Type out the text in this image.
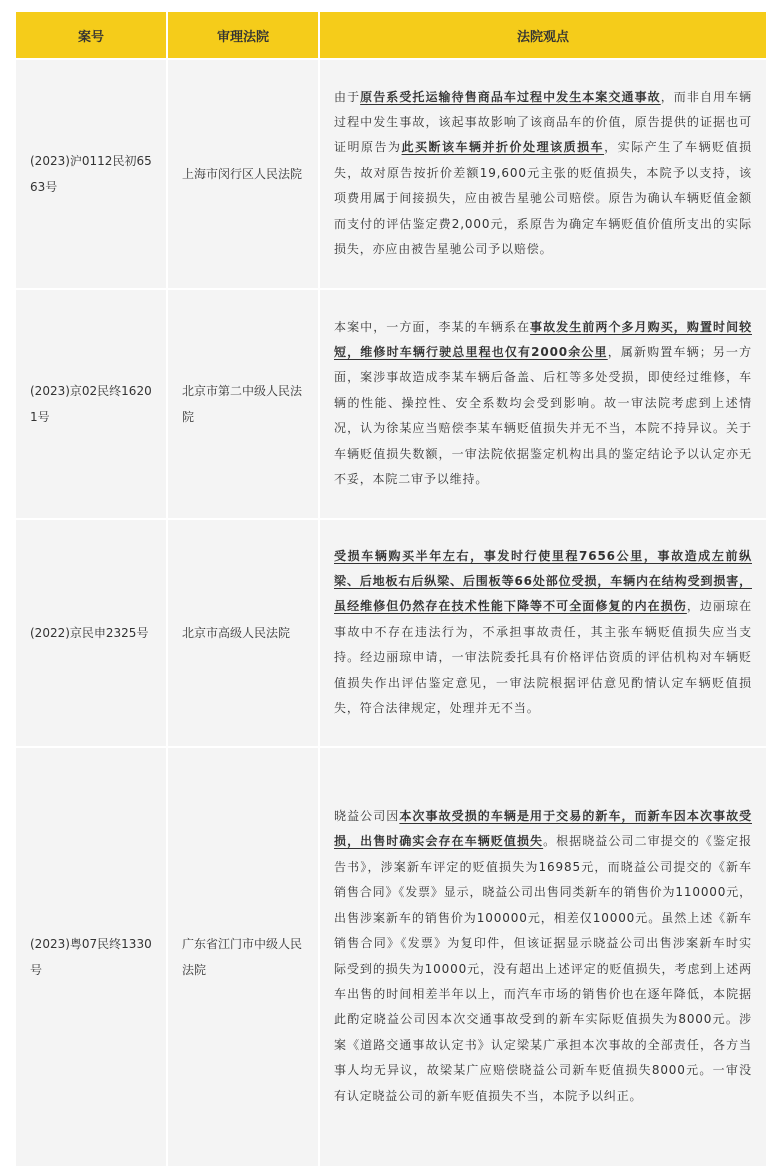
案号	审理法院	法院观点
(2023)沪0112民初6563号	上海市闵行区人民法院	由于原告系受托运输待售商品车过程中发生本案交通事故，而非自用车辆过程中发生事故，该起事故影响了该商品车的价值，原告提供的证据也可证明原告为此买断该车辆并折价处理该质损车，实际产生了车辆贬值损失，故对原告按折价差额19,600元主张的贬值损失，本院予以支持，该项费用属于间接损失，应由被告星驰公司赔偿。原告为确认车辆贬值金额而支付的评估鉴定费2,000元，系原告为确定车辆贬值价值所支出的实际损失，亦应由被告星驰公司予以赔偿。
(2023)京02民终16201号	北京市第二中级人民法院	本案中，一方面，李某的车辆系在事故发生前两个多月购买，购置时间较短，维修时车辆行驶总里程也仅有2000余公里，属新购置车辆；另一方面，案涉事故造成李某车辆后备盖、后杠等多处受损，即使经过维修，车辆的性能、操控性、安全系数均会受到影响。故一审法院考虑到上述情况，认为徐某应当赔偿李某车辆贬值损失并无不当，本院不持异议。关于车辆贬值损失数额，一审法院依据鉴定机构出具的鉴定结论予以认定亦无不妥，本院二审予以维持。
(2022)京民申2325号	北京市高级人民法院	受损车辆购买半年左右，事发时行使里程7656公里，事故造成左前纵梁、后地板右后纵梁、后围板等66处部位受损，车辆内在结构受到损害，虽经维修但仍然存在技术性能下降等不可全面修复的内在损伤，边丽琼在事故中不存在违法行为，不承担事故责任，其主张车辆贬值损失应当支持。经边丽琼申请，一审法院委托具有价格评估资质的评估机构对车辆贬值损失作出评估鉴定意见，一审法院根据评估意见酌情认定车辆贬值损失，符合法律规定，处理并无不当。
(2023)粤07民终1330号	广东省江门市中级人民法院	晓益公司因本次事故受损的车辆是用于交易的新车，而新车因本次事故受损，出售时确实会存在车辆贬值损失。根据晓益公司二审提交的《鉴定报告书》，涉案新车评定的贬值损失为16985元，而晓益公司提交的《新车销售合同》《发票》显示，晓益公司出售同类新车的销售价为110000元，出售涉案新车的销售价为100000元，相差仅10000元。虽然上述《新车销售合同》《发票》为复印件，但该证据显示晓益公司出售涉案新车时实际受到的损失为10000元，没有超出上述评定的贬值损失，考虑到上述两车出售的时间相差半年以上，而汽车市场的销售价也在逐年降低，本院据此酌定晓益公司因本次交通事故受到的新车实际贬值损失为8000元。涉案《道路交通事故认定书》认定梁某广承担本次事故的全部责任，各方当事人均无异议，故梁某广应赔偿晓益公司新车贬值损失8000元。一审没有认定晓益公司的新车贬值损失不当，本院予以纠正。
